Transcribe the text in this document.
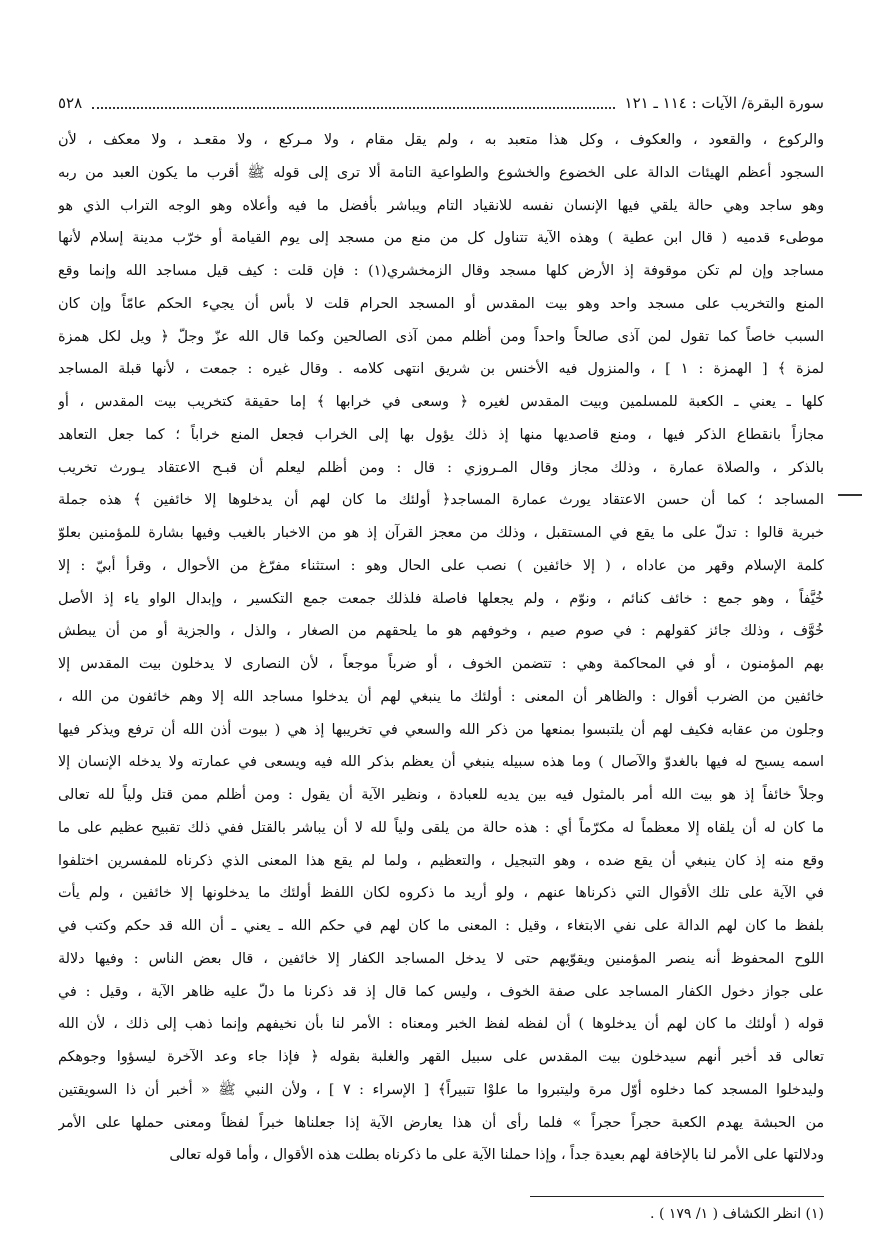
سورة البقرة/ الآيات : ١١٤ ـ ١٢١
٥٢٨
والركوع ، والقعود ، والعكوف ، وكل هذا متعبد به ، ولم يقل مقام ، ولا مـركع ، ولا مقعـد ، ولا معكف ، لأن
السجود أعظم الهيئات الدالة على الخضوع والخشوع والطواعية التامة ألا ترى إلى قوله ﷺ أقرب ما يكون العبد من ربه
وهو ساجد وهي حالة يلقي فيها الإنسان نفسه للانقياد التام ويباشر بأفضل ما فيه وأعلاه وهو الوجه التراب الذي هو
موطىء قدميه ( قال ابن عطية ) وهذه الآية تتناول كل من منع من مسجد إلى يوم القيامة أو خرّب مدينة إسلام لأنها
مساجد وإن لم تكن موقوفة إذ الأرض كلها مسجد وقال الزمخشري(١) : فإن قلت : كيف قيل مساجد الله وإنما وقع
المنع والتخريب على مسجد واحد وهو بيت المقدس أو المسجد الحرام قلت لا بأس أن يجيء الحكم عامّاً وإن كان
السبب خاصاً كما تقول لمن آذى صالحاً واحداً ومن أظلم ممن آذى الصالحين وكما قال الله عزّ وجلّ ﴿ ويل لكل همزة
لمزة ﴾ [ الهمزة : ١ ] ، والمنزول فيه الأخنس بن شريق انتهى كلامه . وقال غيره : جمعت ، لأنها قبلة المساجد
كلها ـ يعني ـ الكعبة للمسلمين وبيت المقدس لغيره ﴿ وسعى في خرابها ﴾ إما حقيقة كتخريب بيت المقدس ، أو
مجازاً بانقطاع الذكر فيها ، ومنع قاصديها منها إذ ذلك يؤول بها إلى الخراب فجعل المنع خراباً ؛ كما جعل التعاهد
بالذكر ، والصلاة عمارة ، وذلك مجاز وقال المـروزي : قال : ومن أظلم ليعلم أن قبـح الاعتقاد يـورث تخريب
المساجد ؛ كما أن حسن الاعتقاد يورث عمارة المساجد﴿ أولئك ما كان لهم أن يدخلوها إلا خائفين ﴾ هذه جملة
خبرية قالوا : تدلّ على ما يقع في المستقبل ، وذلك من معجز القرآن إذ هو من الاخبار بالغيب وفيها بشارة للمؤمنين بعلوّ
كلمة الإسلام وقهر من عاداه ، ( إلا خائفين ) نصب على الحال وهو : استثناء مفرّغ من الأحوال ، وقرأ أبيّ : إلا
خُيَّفاً ، وهو جمع : خائف كنائم ، ونوّم ، ولم يجعلها فاصلة فلذلك جمعت جمع التكسير ، وإبدال الواو ياء إذ الأصل
خُوَّف ، وذلك جائز كقولهم : في صوم صيم ، وخوفهم هو ما يلحقهم من الصغار ، والذل ، والجزية أو من أن يبطش
بهم المؤمنون ، أو في المحاكمة وهي : تتضمن الخوف ، أو ضرباً موجعاً ، لأن النصارى لا يدخلون بيت المقدس إلا
خائفين من الضرب أقوال : والظاهر أن المعنى : أولئك ما ينبغي لهم أن يدخلوا مساجد الله إلا وهم خائفون من الله ،
وجلون من عقابه فكيف لهم أن يلتبسوا بمنعها من ذكر الله والسعي في تخريبها إذ هي ( بيوت أذن الله أن ترفع ويذكر فيها
اسمه يسبح له فيها بالغدوّ والآصال ) وما هذه سبيله ينبغي أن يعظم بذكر الله فيه ويسعى في عمارته ولا يدخله الإنسان إلا
وجلاً خائفاً إذ هو بيت الله أمر بالمثول فيه بين يديه للعبادة ، ونظير الآية أن يقول : ومن أظلم ممن قتل ولياً لله تعالى
ما كان له أن يلقاه إلا معظماً له مكرّماً أي : هذه حالة من يلقى ولياً لله لا أن يباشر بالقتل ففي ذلك تقبيح عظيم على ما
وقع منه إذ كان ينبغي أن يقع ضده ، وهو التبجيل ، والتعظيم ، ولما لم يقع هذا المعنى الذي ذكرناه للمفسرين اختلفوا
في الآية على تلك الأقوال التي ذكرناها عنهم ، ولو أريد ما ذكروه لكان اللفظ أولئك ما يدخلونها إلا خائفين ، ولم يأت
بلفظ ما كان لهم الدالة على نفي الابتغاء ، وقيل : المعنى ما كان لهم في حكم الله ـ يعني ـ أن الله قد حكم وكتب في
اللوح المحفوظ أنه ينصر المؤمنين ويقوّيهم حتى لا يدخل المساجد الكفار إلا خائفين ، قال بعض الناس : وفيها دلالة
على جواز دخول الكفار المساجد على صفة الخوف ، وليس كما قال إذ قد ذكرنا ما دلّ عليه ظاهر الآية ، وقيل : في
قوله ( أولئك ما كان لهم أن يدخلوها ) أن لفظه لفظ الخبر ومعناه : الأمر لنا بأن نخيفهم وإنما ذهب إلى ذلك ، لأن الله
تعالى قد أخبر أنهم سيدخلون بيت المقدس على سبيل القهر والغلبة بقوله ﴿ فإذا جاء وعد الآخرة ليسؤوا وجوهكم
وليدخلوا المسجد كما دخلوه أوّل مرة وليتبروا ما علوْا تتبيراً﴾ [ الإسراء : ٧ ] ، ولأن النبي ﷺ « أخبر أن ذا السويقتين
من الحبشة يهدم الكعبة حجراً حجراً » فلما رأى أن هذا يعارض الآية إذا جعلناها خبراً لفظاً ومعنى حملها على الأمر
ودلالتها على الأمر لنا بالإخافة لهم بعيدة جداً ، وإذا حملنا الآية على ما ذكرناه بطلت هذه الأقوال ، وأما قوله تعالى
(١) انظر الكشاف ( ١/ ١٧٩ ) .
